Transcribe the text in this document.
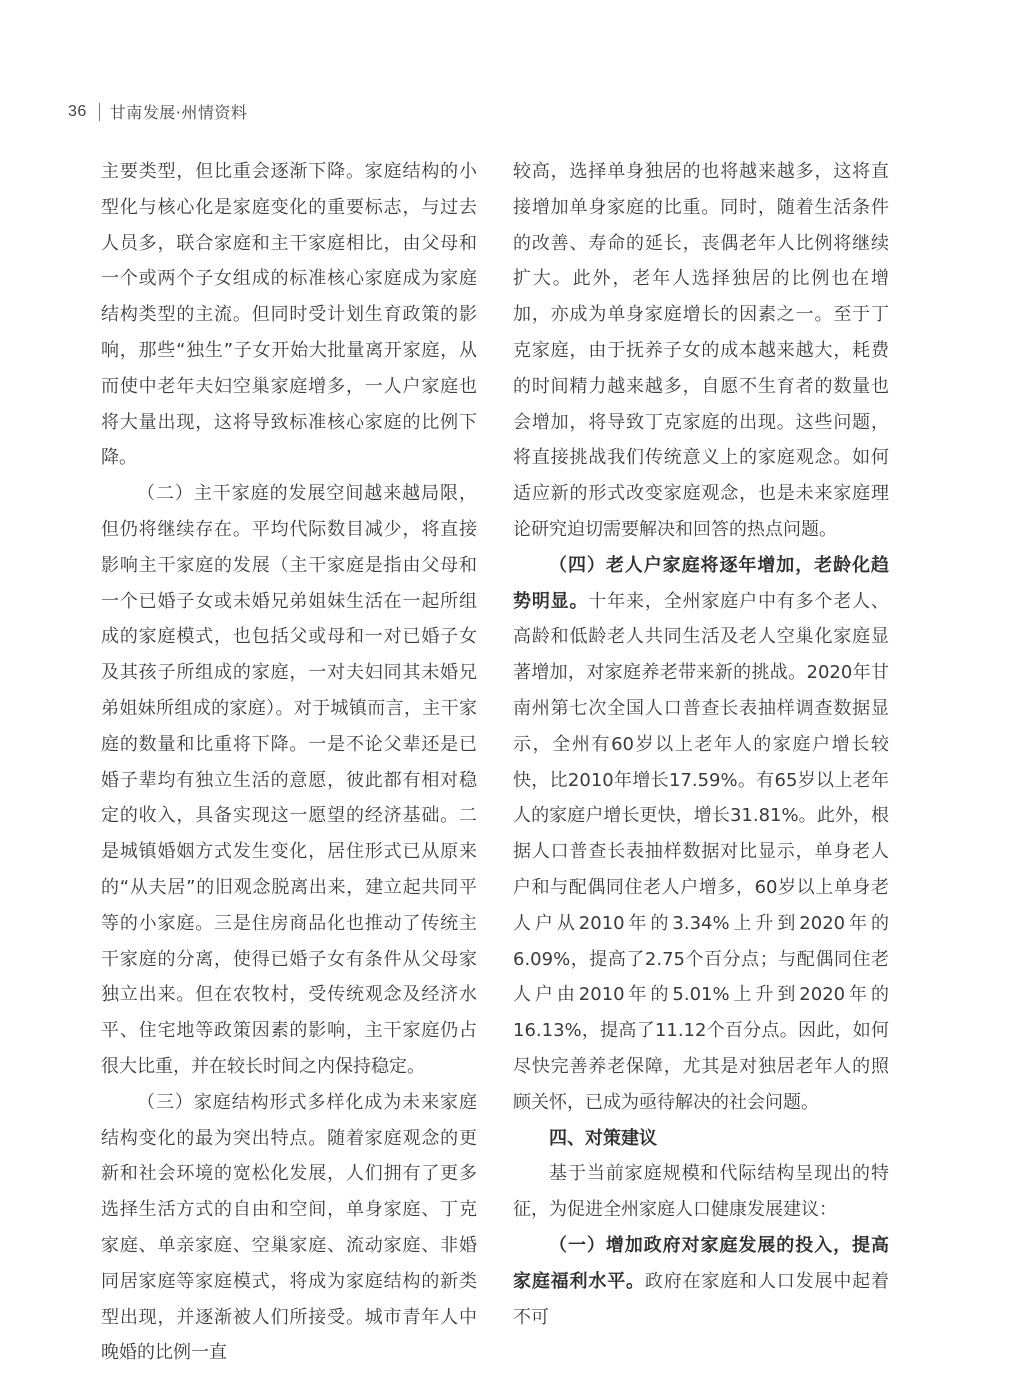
36 甘南发展·州情资料

主要类型，但比重会逐渐下降。家庭结构的小型化与核心化是家庭变化的重要标志，与过去人员多，联合家庭和主干家庭相比，由父母和一个或两个子女组成的标准核心家庭成为家庭结构类型的主流。但同时受计划生育政策的影响，那些“独生”子女开始大批量离开家庭，从而使中老年夫妇空巢家庭增多，一人户家庭也将大量出现，这将导致标准核心家庭的比例下降。

（二）主干家庭的发展空间越来越局限，但仍将继续存在。平均代际数目减少，将直接影响主干家庭的发展（主干家庭是指由父母和一个已婚子女或未婚兄弟姐妹生活在一起所组成的家庭模式，也包括父或母和一对已婚子女及其孩子所组成的家庭，一对夫妇同其未婚兄弟姐妹所组成的家庭）。对于城镇而言，主干家庭的数量和比重将下降。一是不论父辈还是已婚子辈均有独立生活的意愿，彼此都有相对稳定的收入，具备实现这一愿望的经济基础。二是城镇婚姻方式发生变化，居住形式已从原来的“从夫居”的旧观念脱离出来，建立起共同平等的小家庭。三是住房商品化也推动了传统主干家庭的分离，使得已婚子女有条件从父母家独立出来。但在农牧村，受传统观念及经济水平、住宅地等政策因素的影响，主干家庭仍占很大比重，并在较长时间之内保持稳定。

（三）家庭结构形式多样化成为未来家庭结构变化的最为突出特点。随着家庭观念的更新和社会环境的宽松化发展，人们拥有了更多选择生活方式的自由和空间，单身家庭、丁克家庭、单亲家庭、空巢家庭、流动家庭、非婚同居家庭等家庭模式，将成为家庭结构的新类型出现，并逐渐被人们所接受。城市青年人中晚婚的比例一直

较高，选择单身独居的也将越来越多，这将直接增加单身家庭的比重。同时，随着生活条件的改善、寿命的延长，丧偶老年人比例将继续扩大。此外，老年人选择独居的比例也在增加，亦成为单身家庭增长的因素之一。至于丁克家庭，由于抚养子女的成本越来越大，耗费的时间精力越来越多，自愿不生育者的数量也会增加，将导致丁克家庭的出现。这些问题，将直接挑战我们传统意义上的家庭观念。如何适应新的形式改变家庭观念，也是未来家庭理论研究迫切需要解决和回答的热点问题。

（四）老人户家庭将逐年增加，老龄化趋势明显。十年来，全州家庭户中有多个老人、高龄和低龄老人共同生活及老人空巢化家庭显著增加，对家庭养老带来新的挑战。2020年甘南州第七次全国人口普查长表抽样调查数据显示，全州有60岁以上老年人的家庭户增长较快，比2010年增长17.59%。有65岁以上老年人的家庭户增长更快，增长31.81%。此外，根据人口普查长表抽样数据对比显示，单身老人户和与配偶同住老人户增多，60岁以上单身老人户从2010年的3.34%上升到2020年的6.09%，提高了2.75个百分点；与配偶同住老人户由2010年的5.01%上升到2020年的16.13%，提高了11.12个百分点。因此，如何尽快完善养老保障，尤其是对独居老年人的照顾关怀，已成为亟待解决的社会问题。

四、对策建议

基于当前家庭规模和代际结构呈现出的特征，为促进全州家庭人口健康发展建议：

（一）增加政府对家庭发展的投入，提高家庭福利水平。政府在家庭和人口发展中起着不可
